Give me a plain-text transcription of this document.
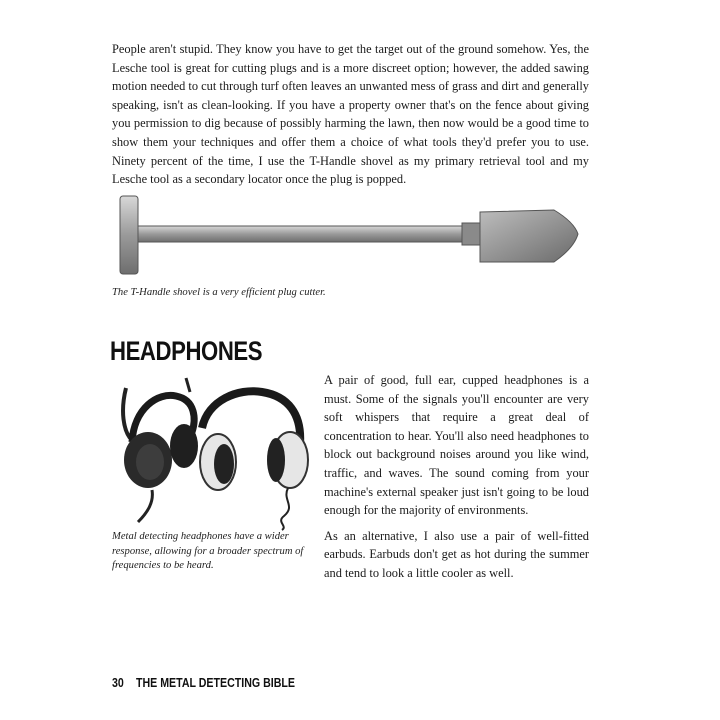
People aren't stupid. They know you have to get the target out of the ground somehow. Yes, the Lesche tool is great for cutting plugs and is a more discreet option; however, the added sawing motion needed to cut through turf often leaves an unwanted mess of grass and dirt and generally speaking, isn't as clean-looking. If you have a property owner that's on the fence about giving you permission to dig because of possibly harming the lawn, then now would be a good time to show them your techniques and offer them a choice of what tools they'd prefer you to use. Ninety percent of the time, I use the T-Handle shovel as my primary retrieval tool and my Lesche tool as a secondary locator once the plug is popped.

The T-Handle shovel is a very efficient plug cutter.
HEADPHONES
Metal detecting headphones have a wider response, allowing for a broader spectrum of frequencies to be heard.

A pair of good, full ear, cupped headphones is a must. Some of the signals you'll encounter are very soft whispers that require a great deal of concentration to hear. You'll also need headphones to block out background noises around you like wind, traffic, and waves. The sound coming from your machine's external speaker just isn't going to be loud enough for the majority of environments.

As an alternative, I also use a pair of well-fitted earbuds. Earbuds don't get as hot during the summer and tend to look a little cooler as well.

30 THE METAL DETECTING BIBLE
